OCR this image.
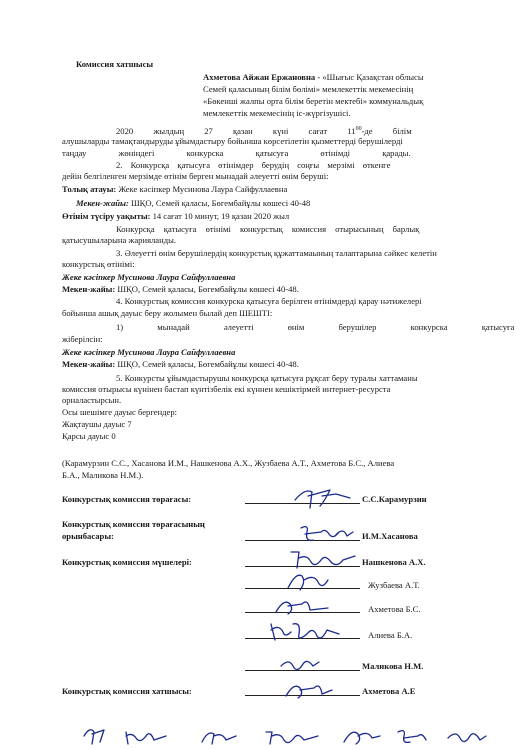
Комиссия хатшысы
Ахметова Айжан Ержановна - «Шығыс Қазақстан облысы
Семей қаласының білім бөлімі» мемлекеттік мекемесінің
«Бөкенші жалпы орта білім беретін мектебі» коммунальдық
мемлекеттік мекемесінің іс-жүргізушісі.
2020 жылдың 27 қазан күні сағат $11^{00}-де$ білім
алушыларды тамақтандыруды ұйымдастыру бойынша көрсетілетін қызметтерді берушілерді
таңдау жөніндегі конкурска қатысуға өтінімді қарады.
2. Конкурсқа қатысуға өтінімдер берудің соңғы мерзімі өткенге
дейін белгіленген мерзімде өтінім берген мынадай әлеуетті өнім беруші:
Толық атауы: Жеке кәсіпкер Мусинова Лаура Сайфуллаевна
Мекен-жайы: ШҚО, Семей қаласы, Бөгембайұлы көшесі 40-48
Өтінім түсіру уақыты: 14 сағат 10 минут, 19 қазан 2020 жыл
Конкурсқа қатысуға өтінімі конкурстық комиссия отырысының барлық
қатысушыларына жарияланды.
3. Әлеуетті өнім берушілердің конкурстық құжаттамаының талаптарына сәйкес келетін
конкурстық өтінімі:
Жеке кәсіпкер Мусинова Лаура Сайфуллаевна
Мекен-жайы: ШҚО, Семей қаласы, Бөгембайұлы көшесі 40-48.
4. Конкурстық комиссия конкурска қатысуға берілген өтінімдерді қарау нәтижелері
бойынша ашық дауыс беру жолымен былай деп ШЕШТІ:
1) мынадай әлеуетті өнім берушілер конкурска қатысуға
жіберілсін:
Жеке кәсіпкер Мусинова Лаура Сайфуллаевна
Мекен-жайы: ШҚО, Семей қаласы, Бөгембайұлы көшесі 40-48.
5. Конкурсты ұйымдастырушы конкурсқа қатысуға рұқсат беру туралы хаттаманы
комиссия отырысы күнінен бастап күнтізбелік екі күннен кешіктірмей интернет-ресурста
орналастырсын.
Осы шешімге дауыс бергендер:
Жақтаушы дауыс 7
Қарсы дауыс 0
(Карамурзин С.С., Хасанова И.М., Нашкенова А.Х., Жузбаева А.Т., Ахметова Б.С., Алиева
Б.А., Маликова Н.М.).
Конкурстық комиссия төрағасы:	С.С.Карамурзин
Конкурстық комиссия төрағасының
орынбасары:	И.М.Хасанова
Конкурстық комиссия мүшелері:	Нашкенова А.Х.
Жузбаева А.Т.
Ахметова Б.С.
Алиева Б.А.
Маликова Н.М.
Конкурстық комиссия хатшысы:	Ахметова А.Е
